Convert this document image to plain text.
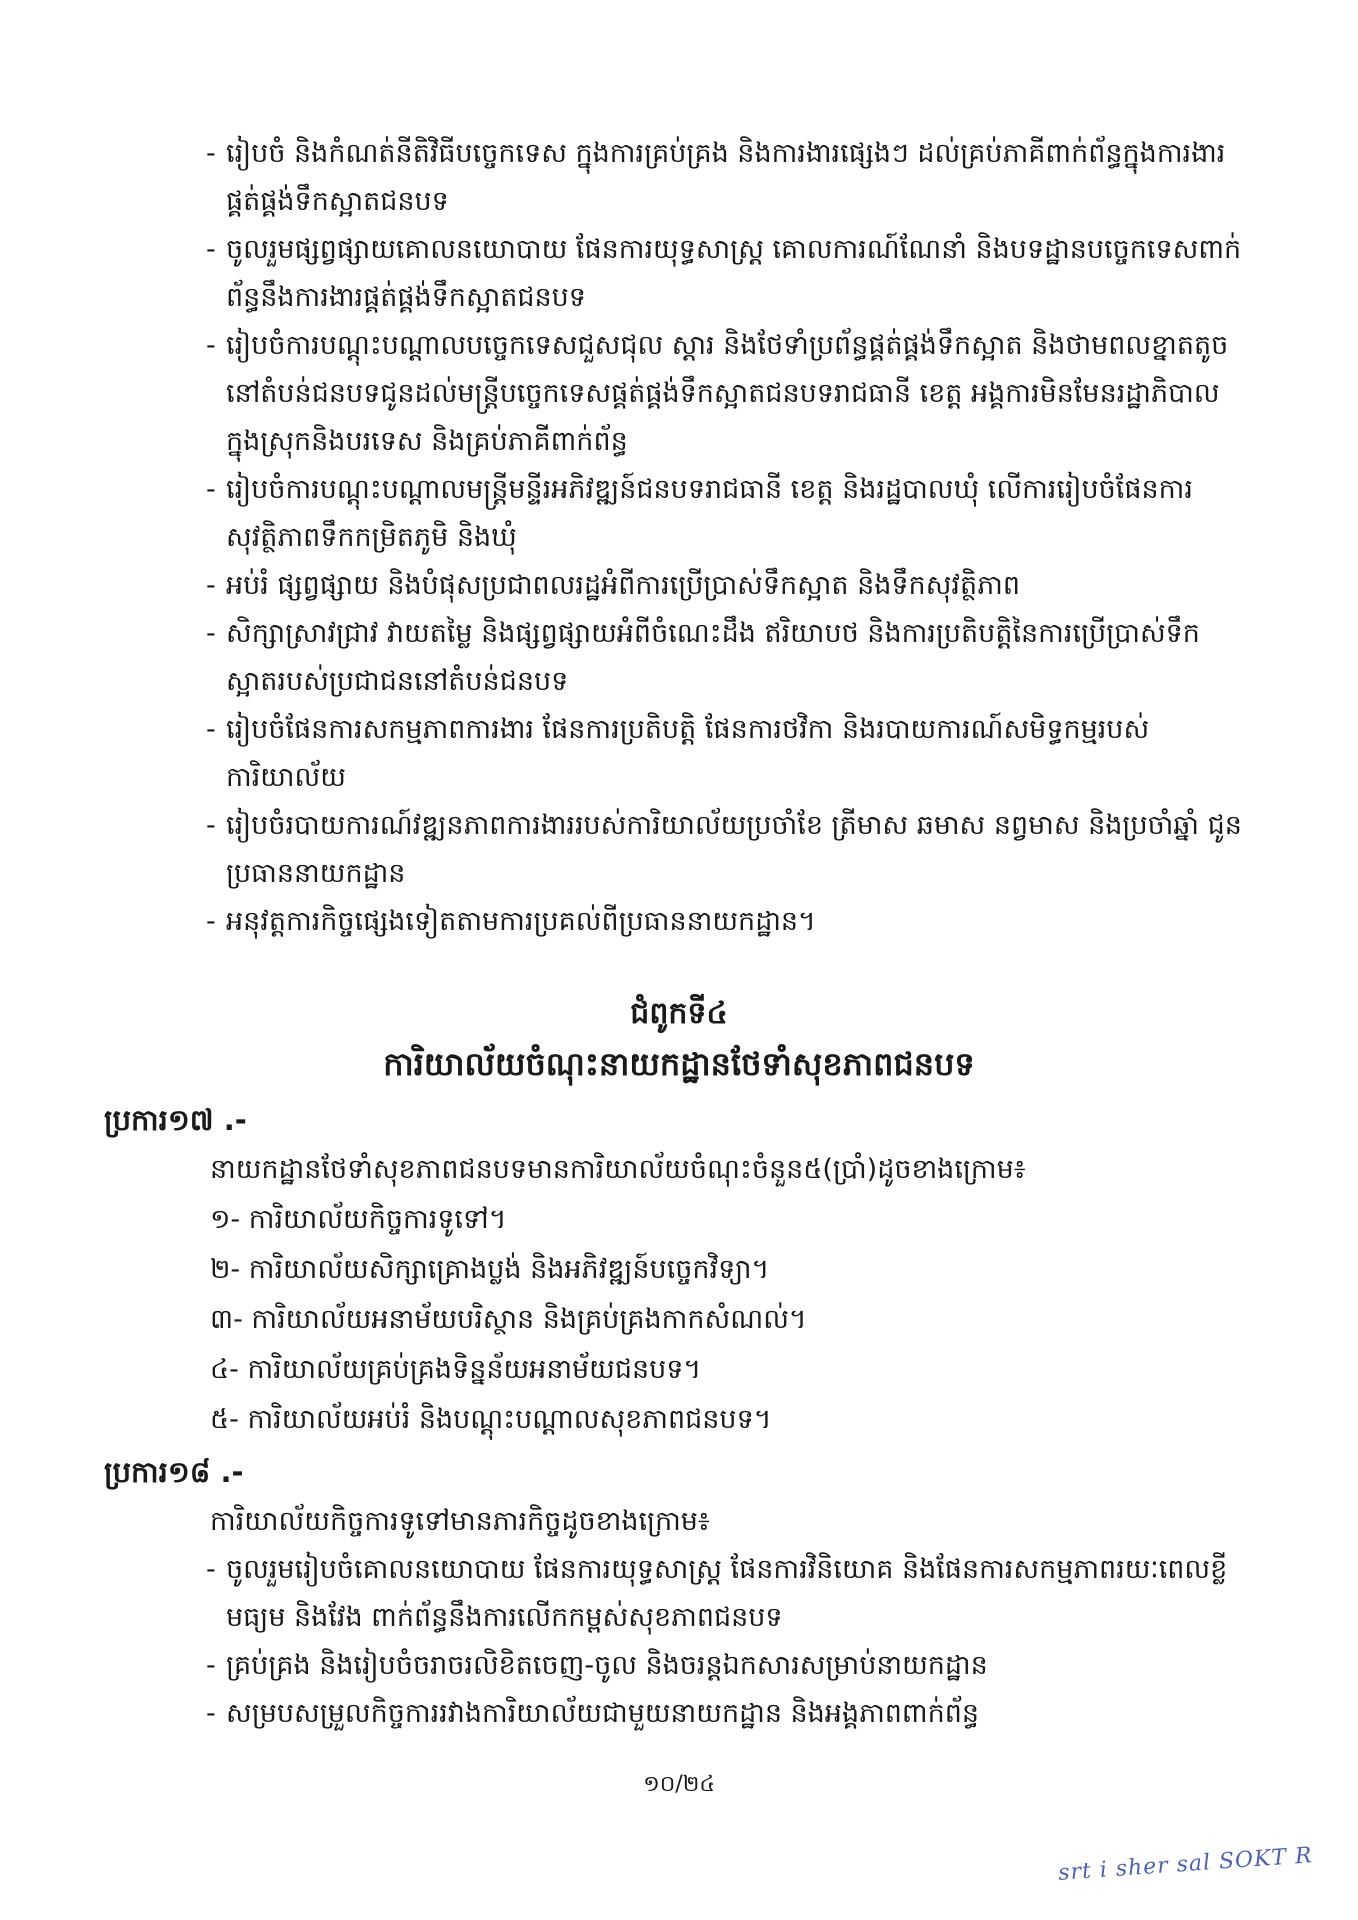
- រៀបចំ និងកំណត់នីតិវិធីបច្ចេកទេស ក្នុងការគ្រប់គ្រង និងការងារផ្សេងៗ ដល់គ្រប់ភាគីពាក់ព័ន្ធក្នុងការងារផ្គត់ផ្គង់ទឹកស្អាតជនបទ

- ចូលរួមផ្សព្វផ្សាយគោលនយោបាយ ផែនការយុទ្ធសាស្ត្រ គោលការណ៍ណែនាំ និងបទដ្ឋានបច្ចេកទេសពាក់ព័ន្ធនឹងការងារផ្គត់ផ្គង់ទឹកស្អាតជនបទ

- រៀបចំការបណ្ដុះបណ្ដាលបច្ចេកទេសជួសជុល ស្ដារ និងថែទាំប្រព័ន្ធផ្គត់ផ្គង់ទឹកស្អាត និងថាមពលខ្នាតតូចនៅតំបន់ជនបទជូនដល់មន្ត្រីបច្ចេកទេសផ្គត់ផ្គង់ទឹកស្អាតជនបទរាជធានី ខេត្ត អង្គការមិនមែនរដ្ឋាភិបាលក្នុងស្រុកនិងបរទេស និងគ្រប់ភាគីពាក់ព័ន្ធ

- រៀបចំការបណ្ដុះបណ្ដាលមន្ត្រីមន្ទីរអភិវឌ្ឍន៍ជនបទរាជធានី ខេត្ត និងរដ្ឋបាលឃុំ លើការរៀបចំផែនការសុវត្ថិភាពទឹកកម្រិតភូមិ និងឃុំ

- អប់រំ ផ្សព្វផ្សាយ និងបំផុសប្រជាពលរដ្ឋអំពីការប្រើប្រាស់ទឹកស្អាត និងទឹកសុវត្ថិភាព

- សិក្សាស្រាវជ្រាវ វាយតម្លៃ និងផ្សព្វផ្សាយអំពីចំណេះដឹង ឥរិយាបថ និងការប្រតិបត្តិនៃការប្រើប្រាស់ទឹកស្អាតរបស់ប្រជាជននៅតំបន់ជនបទ

- រៀបចំផែនការសកម្មភាពការងារ ផែនការប្រតិបត្តិ ផែនការថវិកា និងរបាយការណ៍សមិទ្ធកម្មរបស់ការិយាល័យ

- រៀបចំរបាយការណ៍វឌ្ឍនភាពការងាររបស់ការិយាល័យប្រចាំខែ ត្រីមាស ឆមាស នព្វមាស និងប្រចាំឆ្នាំ ជូនប្រធាននាយកដ្ឋាន

- អនុវត្តការកិច្ចផ្សេងទៀតតាមការប្រគល់ពីប្រធាននាយកដ្ឋាន។

ជំពូកទី៤
ការិយាល័យចំណុះនាយកដ្ឋានថែទាំសុខភាពជនបទ
ប្រការ១៧ .-
នាយកដ្ឋានថែទាំសុខភាពជនបទមានការិយាល័យចំណុះចំនួន៥(ប្រាំ)ដូចខាងក្រោម៖
១- ការិយាល័យកិច្ចការទូទៅ។
២- ការិយាល័យសិក្សាគ្រោងប្លង់ និងអភិវឌ្ឍន៍បច្ចេកវិទ្យា។
៣- ការិយាល័យអនាម័យបរិស្ថាន និងគ្រប់គ្រងកាកសំណល់។
៤- ការិយាល័យគ្រប់គ្រងទិន្នន័យអនាម័យជនបទ។
៥- ការិយាល័យអប់រំ និងបណ្ដុះបណ្ដាលសុខភាពជនបទ។
ប្រការ១៨ .-
ការិយាល័យកិច្ចការទូទៅមានភារកិច្ចដូចខាងក្រោម៖

- ចូលរួមរៀបចំគោលនយោបាយ ផែនការយុទ្ធសាស្ត្រ ផែនការវិនិយោគ និងផែនការសកម្មភាពរយៈពេលខ្លី មធ្យម និងវែង ពាក់ព័ន្ធនឹងការលើកកម្ពស់សុខភាពជនបទ

- គ្រប់គ្រង និងរៀបចំចរាចរលិខិតចេញ-ចូល និងចរន្តឯកសារសម្រាប់នាយកដ្ឋាន

- សម្របសម្រួលកិច្ចការរវាងការិយាល័យជាមួយនាយកដ្ឋាន និងអង្គភាពពាក់ព័ន្ធ

១០/២៤
srt i sher sal SOKT R
